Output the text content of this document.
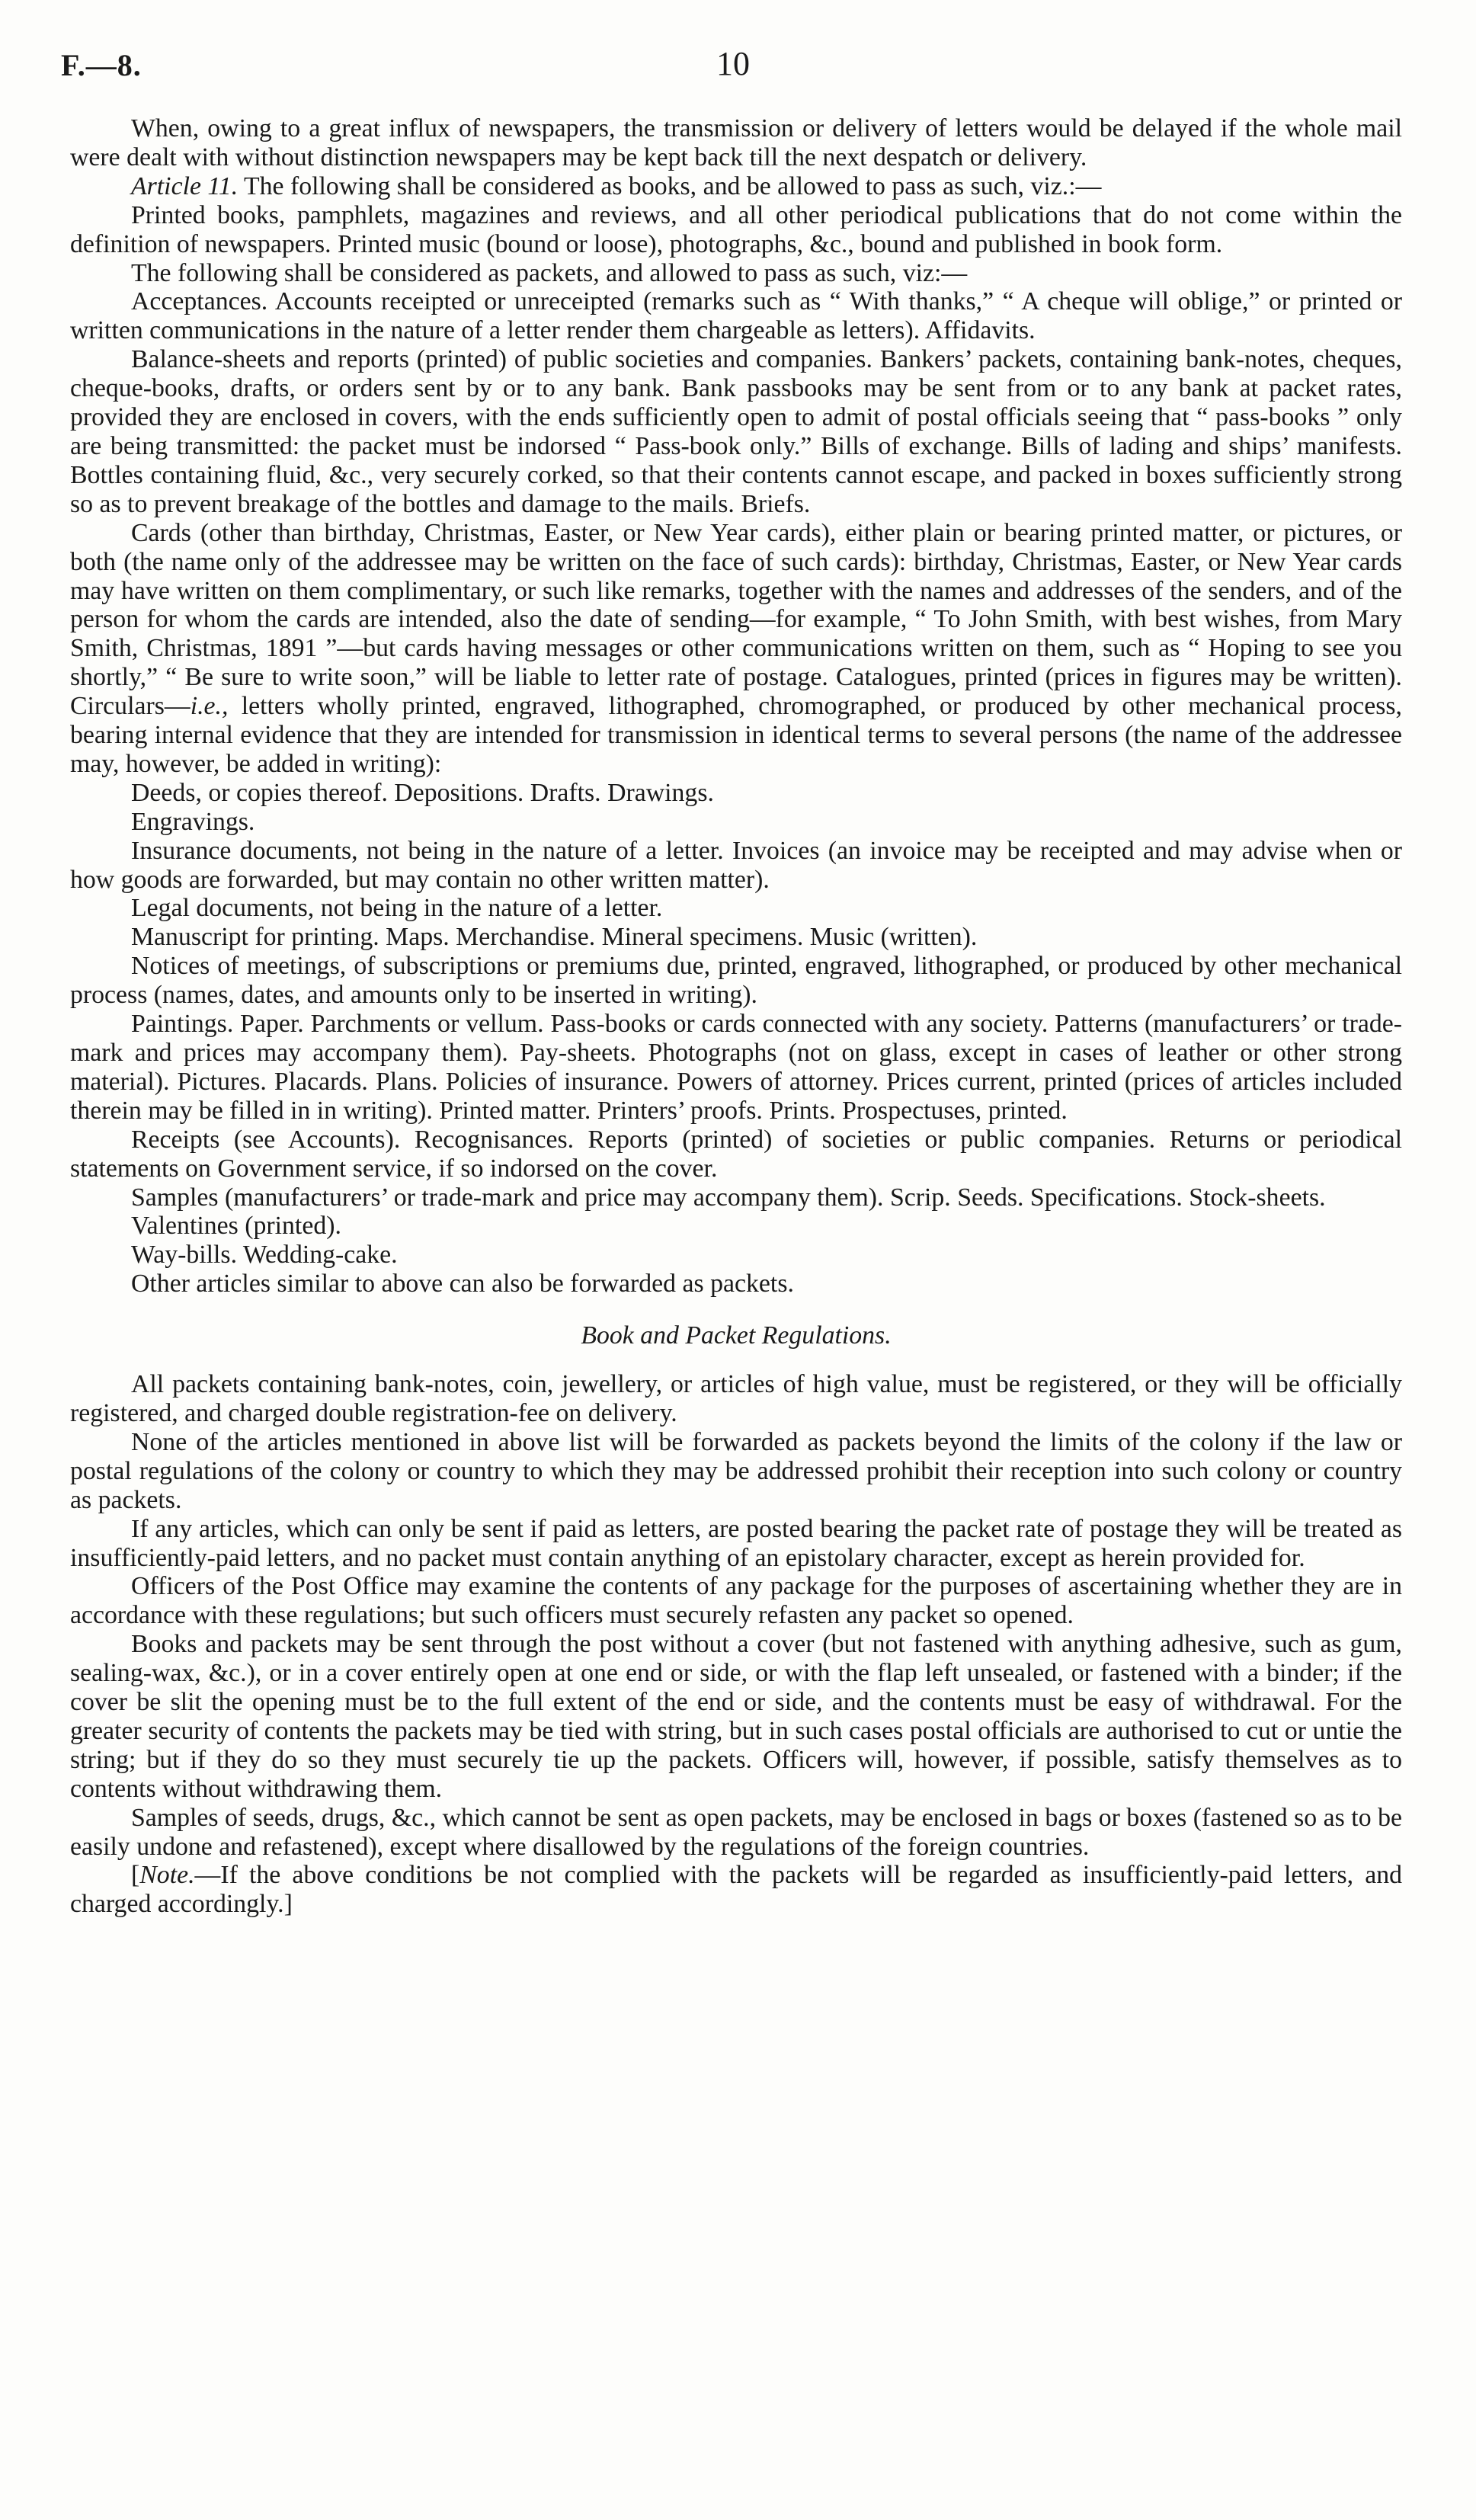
F.—8.	10

When, owing to a great influx of newspapers, the transmission or delivery of letters would be delayed if the whole mail were dealt with without distinction newspapers may be kept back till the next despatch or delivery.

Article 11. The following shall be considered as books, and be allowed to pass as such, viz.:—

Printed books, pamphlets, magazines and reviews, and all other periodical publications that do not come within the definition of newspapers. Printed music (bound or loose), photographs, &c., bound and published in book form.

The following shall be considered as packets, and allowed to pass as such, viz:—

Acceptances. Accounts receipted or unreceipted (remarks such as “ With thanks,” “ A cheque will oblige,” or printed or written communications in the nature of a letter render them chargeable as letters). Affidavits.

Balance-sheets and reports (printed) of public societies and companies. Bankers’ packets, containing bank-notes, cheques, cheque-books, drafts, or orders sent by or to any bank. Bank passbooks may be sent from or to any bank at packet rates, provided they are enclosed in covers, with the ends sufficiently open to admit of postal officials seeing that “ pass-books ” only are being transmitted: the packet must be indorsed “ Pass-book only.” Bills of exchange. Bills of lading and ships’ manifests. Bottles containing fluid, &c., very securely corked, so that their contents cannot escape, and packed in boxes sufficiently strong so as to prevent breakage of the bottles and damage to the mails. Briefs.

Cards (other than birthday, Christmas, Easter, or New Year cards), either plain or bearing printed matter, or pictures, or both (the name only of the addressee may be written on the face of such cards): birthday, Christmas, Easter, or New Year cards may have written on them complimentary, or such like remarks, together with the names and addresses of the senders, and of the person for whom the cards are intended, also the date of sending—for example, “ To John Smith, with best wishes, from Mary Smith, Christmas, 1891 ”—but cards having messages or other communications written on them, such as “ Hoping to see you shortly,” “ Be sure to write soon,” will be liable to letter rate of postage. Catalogues, printed (prices in figures may be written). Circulars—i.e., letters wholly printed, engraved, lithographed, chromographed, or produced by other mechanical process, bearing internal evidence that they are intended for transmission in identical terms to several persons (the name of the addressee may, however, be added in writing):

Deeds, or copies thereof. Depositions. Drafts. Drawings.

Engravings.

Insurance documents, not being in the nature of a letter. Invoices (an invoice may be receipted and may advise when or how goods are forwarded, but may contain no other written matter).

Legal documents, not being in the nature of a letter.

Manuscript for printing. Maps. Merchandise. Mineral specimens. Music (written).

Notices of meetings, of subscriptions or premiums due, printed, engraved, lithographed, or produced by other mechanical process (names, dates, and amounts only to be inserted in writing).

Paintings. Paper. Parchments or vellum. Pass-books or cards connected with any society. Patterns (manufacturers’ or trade-mark and prices may accompany them). Pay-sheets. Photographs (not on glass, except in cases of leather or other strong material). Pictures. Placards. Plans. Policies of insurance. Powers of attorney. Prices current, printed (prices of articles included therein may be filled in in writing). Printed matter. Printers’ proofs. Prints. Prospectuses, printed.

Receipts (see Accounts). Recognisances. Reports (printed) of societies or public companies. Returns or periodical statements on Government service, if so indorsed on the cover.

Samples (manufacturers’ or trade-mark and price may accompany them). Scrip. Seeds. Specifications. Stock-sheets.

Valentines (printed).

Way-bills. Wedding-cake.

Other articles similar to above can also be forwarded as packets.

Book and Packet Regulations.

All packets containing bank-notes, coin, jewellery, or articles of high value, must be registered, or they will be officially registered, and charged double registration-fee on delivery.

None of the articles mentioned in above list will be forwarded as packets beyond the limits of the colony if the law or postal regulations of the colony or country to which they may be addressed prohibit their reception into such colony or country as packets.

If any articles, which can only be sent if paid as letters, are posted bearing the packet rate of postage they will be treated as insufficiently-paid letters, and no packet must contain anything of an epistolary character, except as herein provided for.

Officers of the Post Office may examine the contents of any package for the purposes of ascertaining whether they are in accordance with these regulations; but such officers must securely refasten any packet so opened.

Books and packets may be sent through the post without a cover (but not fastened with anything adhesive, such as gum, sealing-wax, &c.), or in a cover entirely open at one end or side, or with the flap left unsealed, or fastened with a binder; if the cover be slit the opening must be to the full extent of the end or side, and the contents must be easy of withdrawal. For the greater security of contents the packets may be tied with string, but in such cases postal officials are authorised to cut or untie the string; but if they do so they must securely tie up the packets. Officers will, however, if possible, satisfy themselves as to contents without withdrawing them.

Samples of seeds, drugs, &c., which cannot be sent as open packets, may be enclosed in bags or boxes (fastened so as to be easily undone and refastened), except where disallowed by the regulations of the foreign countries.

[Note.—If the above conditions be not complied with the packets will be regarded as insufficiently-paid letters, and charged accordingly.]
